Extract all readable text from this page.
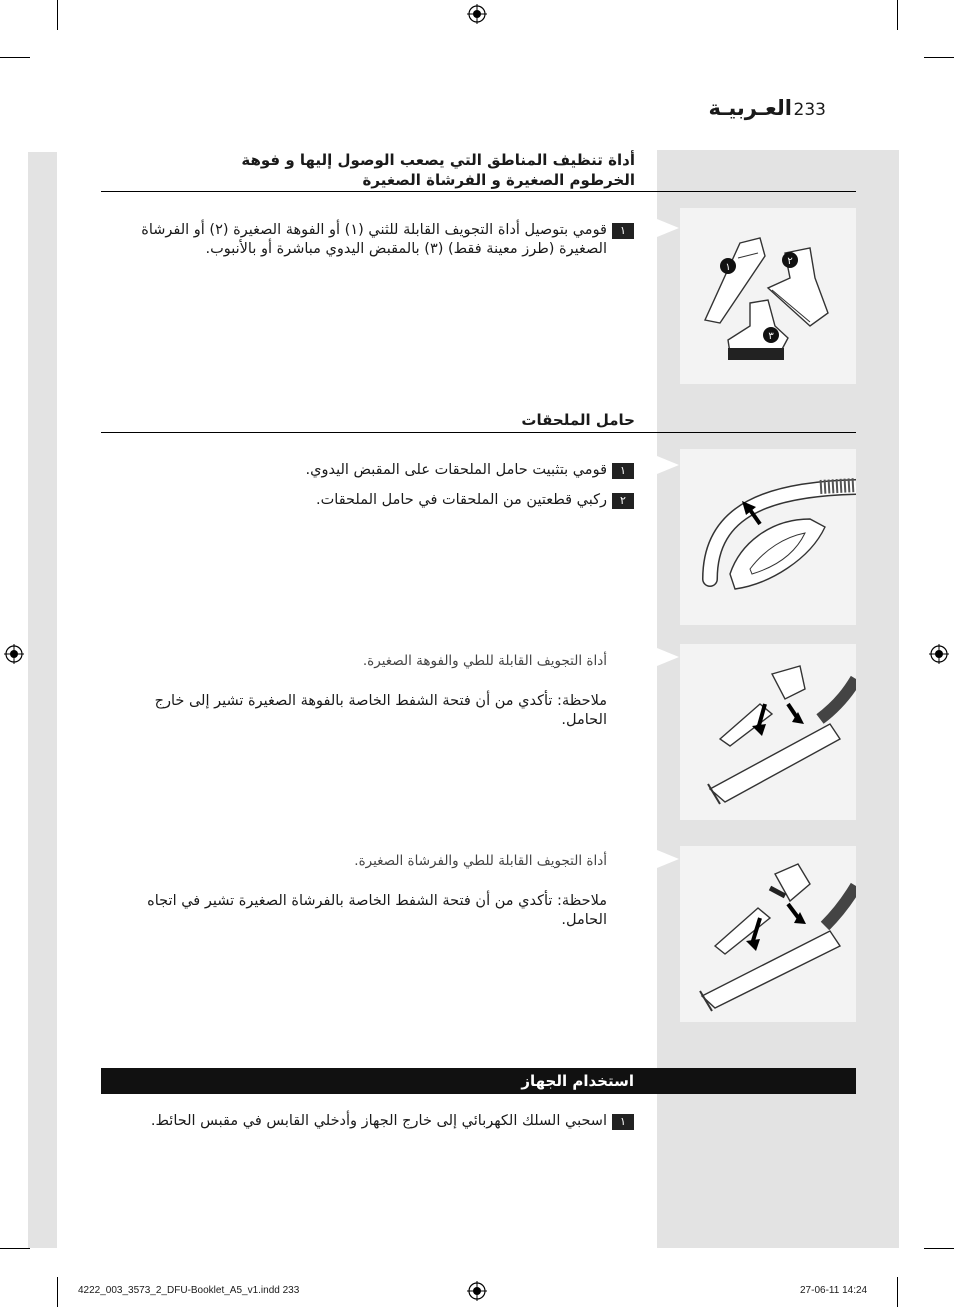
233
العـربيـة
أداة تنظيف المناطق التي يصعب الوصول إليها و فوهة الخرطوم الصغيرة و الفرشاة الصغيرة
١
قومي بتوصيل أداة التجويف القابلة للثني (١) أو الفوهة الصغيرة (٢) أو الفرشاة الصغيرة (طرز معينة فقط) (٣) بالمقبض اليدوي مباشرة أو بالأنبوب.
١
٢
٣
حامل الملحقات
١
قومي بتثبيت حامل الملحقات على المقبض اليدوي.
٢
ركبي قطعتين من الملحقات في حامل الملحقات.
أداة التجويف القابلة للطي والفوهة الصغيرة.
ملاحظة: تأكدي من أن فتحة الشفط الخاصة بالفوهة الصغيرة تشير إلى خارج الحامل.
أداة التجويف القابلة للطي والفرشاة الصغيرة.
ملاحظة: تأكدي من أن فتحة الشفط الخاصة بالفرشاة الصغيرة تشير في اتجاه الحامل.
استخدام الجهاز
١
اسحبي السلك الكهربائي إلى خارج الجهاز وأدخلي القابس في مقبس الحائط.
4222_003_3573_2_DFU-Booklet_A5_v1.indd 233	27-06-11 14:24
